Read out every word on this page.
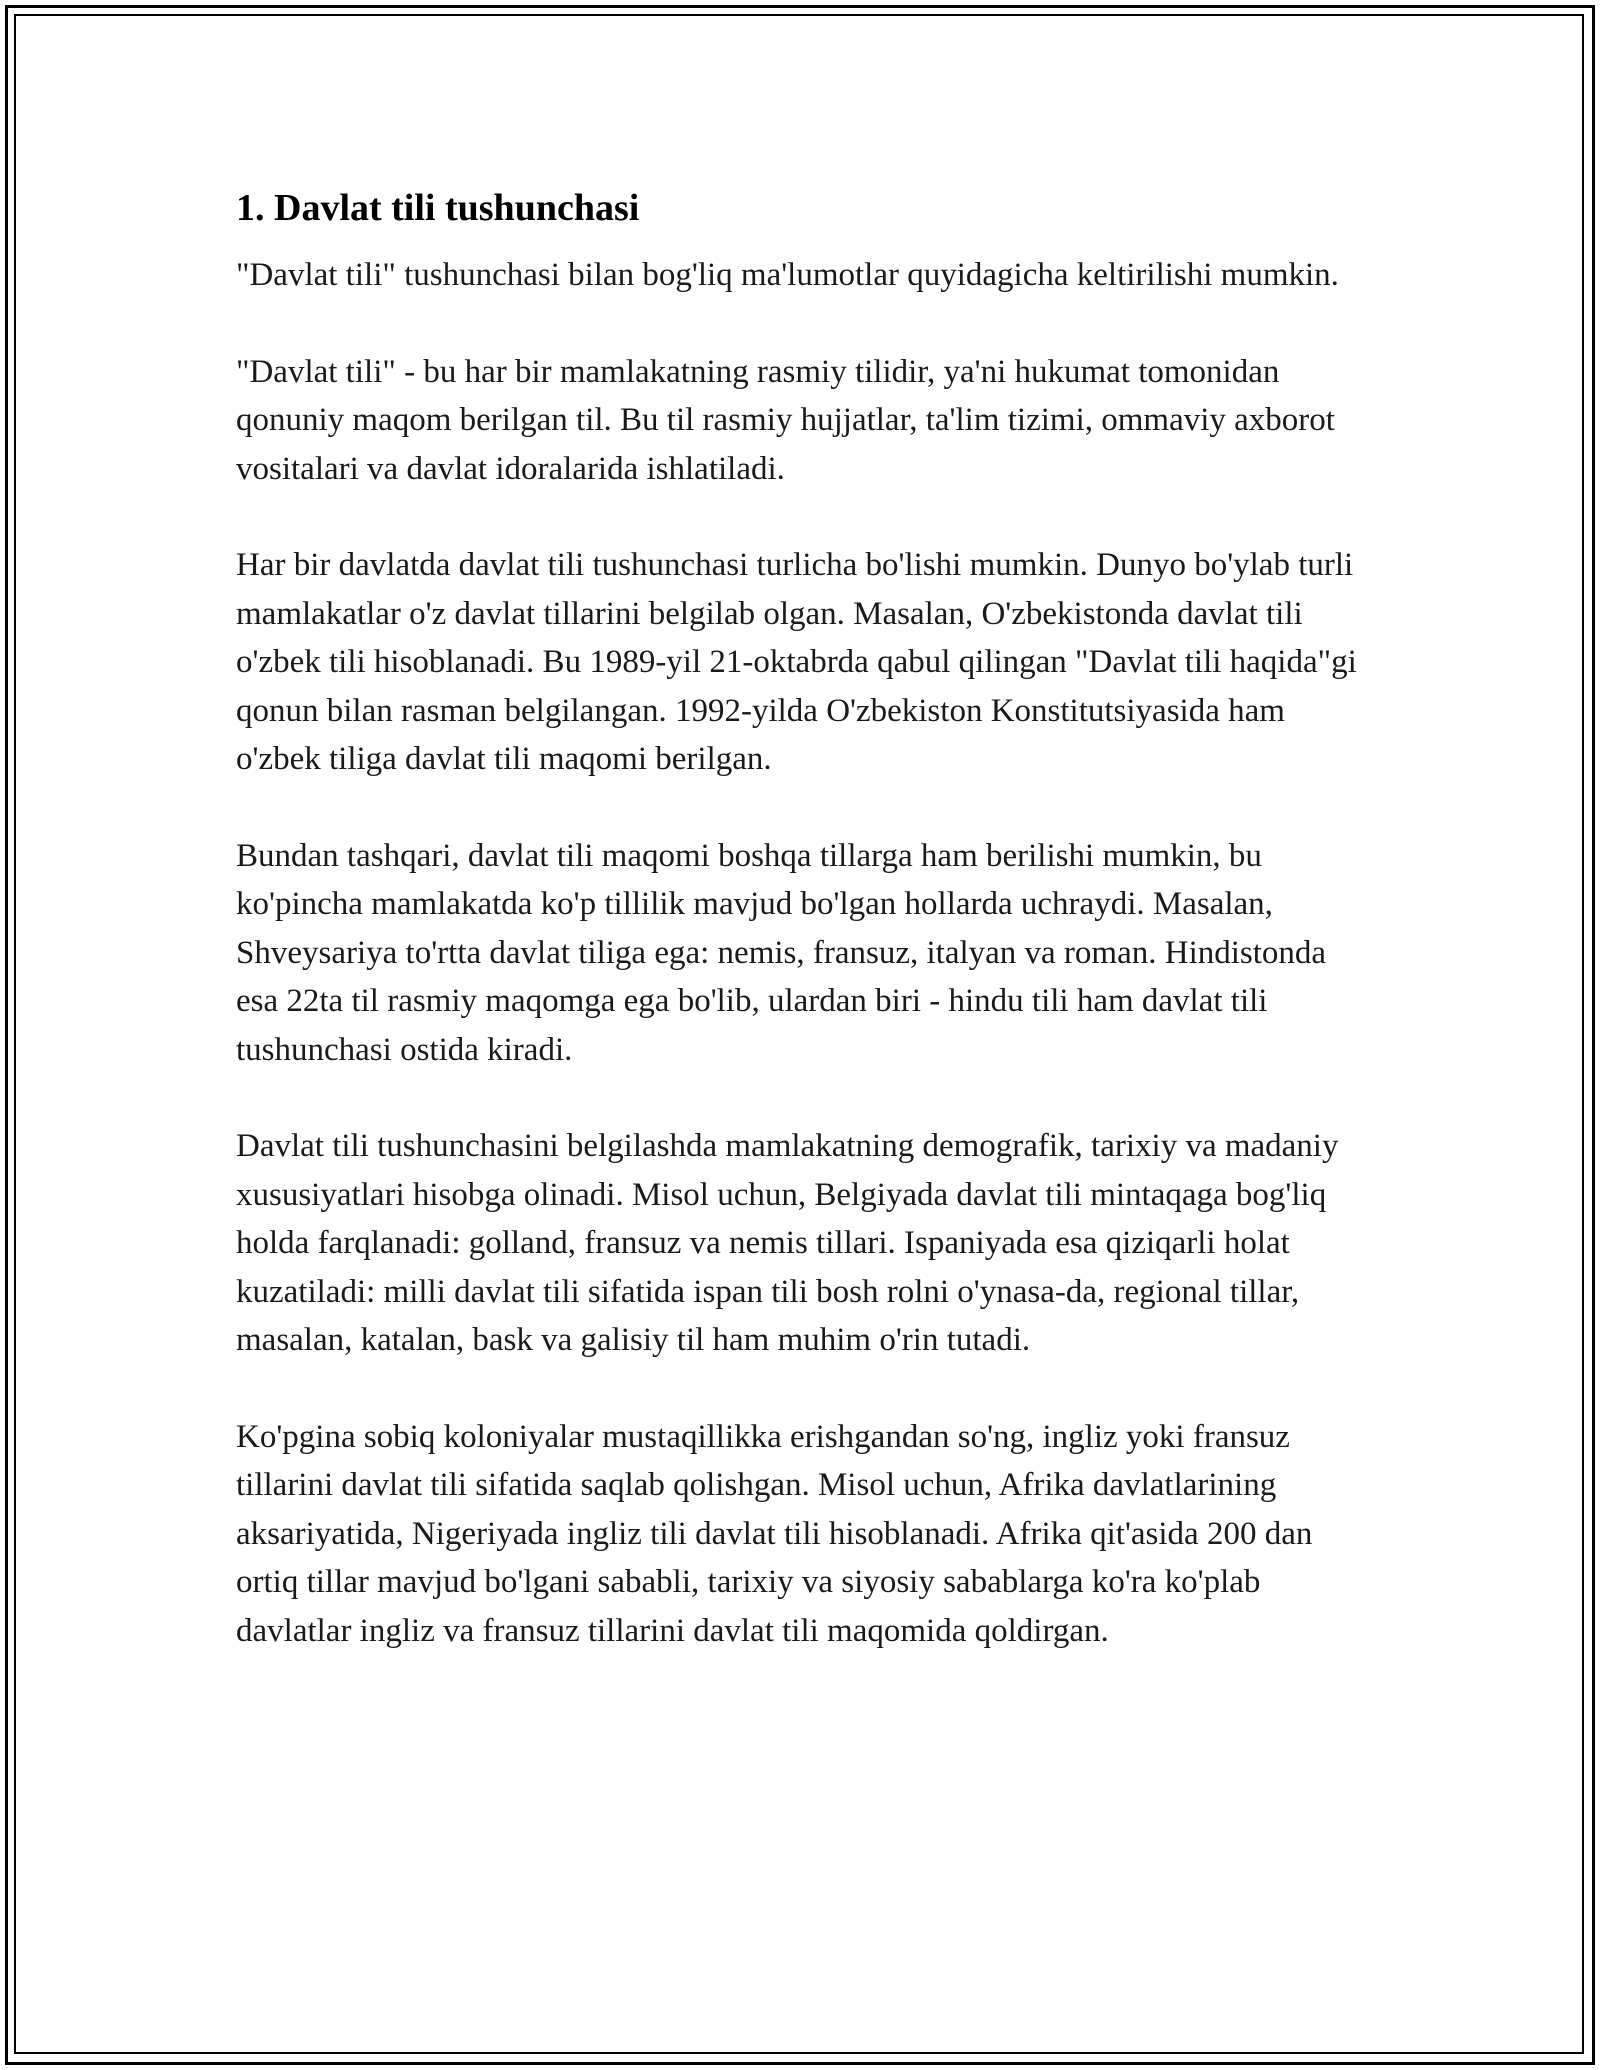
1. Davlat tili tushunchasi

"Davlat tili" tushunchasi bilan bog'liq ma'lumotlar quyidagicha keltirilishi mumkin.

"Davlat tili" - bu har bir mamlakatning rasmiy tilidir, ya'ni hukumat tomonidan qonuniy maqom berilgan til. Bu til rasmiy hujjatlar, ta'lim tizimi, ommaviy axborot vositalari va davlat idoralarida ishlatiladi.

Har bir davlatda davlat tili tushunchasi turlicha bo'lishi mumkin. Dunyo bo'ylab turli mamlakatlar o'z davlat tillarini belgilab olgan. Masalan, O'zbekistonda davlat tili o'zbek tili hisoblanadi. Bu 1989-yil 21-oktabrda qabul qilingan "Davlat tili haqida"gi qonun bilan rasman belgilangan. 1992-yilda O'zbekiston Konstitutsiyasida ham o'zbek tiliga davlat tili maqomi berilgan.

Bundan tashqari, davlat tili maqomi boshqa tillarga ham berilishi mumkin, bu ko'pincha mamlakatda ko'p tillilik mavjud bo'lgan hollarda uchraydi. Masalan, Shveysariya to'rtta davlat tiliga ega: nemis, fransuz, italyan va roman. Hindistonda esa 22ta til rasmiy maqomga ega bo'lib, ulardan biri - hindu tili ham davlat tili tushunchasi ostida kiradi.

Davlat tili tushunchasini belgilashda mamlakatning demografik, tarixiy va madaniy xususiyatlari hisobga olinadi. Misol uchun, Belgiyada davlat tili mintaqaga bog'liq holda farqlanadi: golland, fransuz va nemis tillari. Ispaniyada esa qiziqarli holat kuzatiladi: milli davlat tili sifatida ispan tili bosh rolni o'ynasa-da, regional tillar, masalan, katalan, bask va galisiy til ham muhim o'rin tutadi.

Ko'pgina sobiq koloniyalar mustaqillikka erishgandan so'ng, ingliz yoki fransuz tillarini davlat tili sifatida saqlab qolishgan. Misol uchun, Afrika davlatlarining aksariyatida, Nigeriyada ingliz tili davlat tili hisoblanadi. Afrika qit'asida 200 dan ortiq tillar mavjud bo'lgani sababli, tarixiy va siyosiy sabablarga ko'ra ko'plab davlatlar ingliz va fransuz tillarini davlat tili maqomida qoldirgan.
